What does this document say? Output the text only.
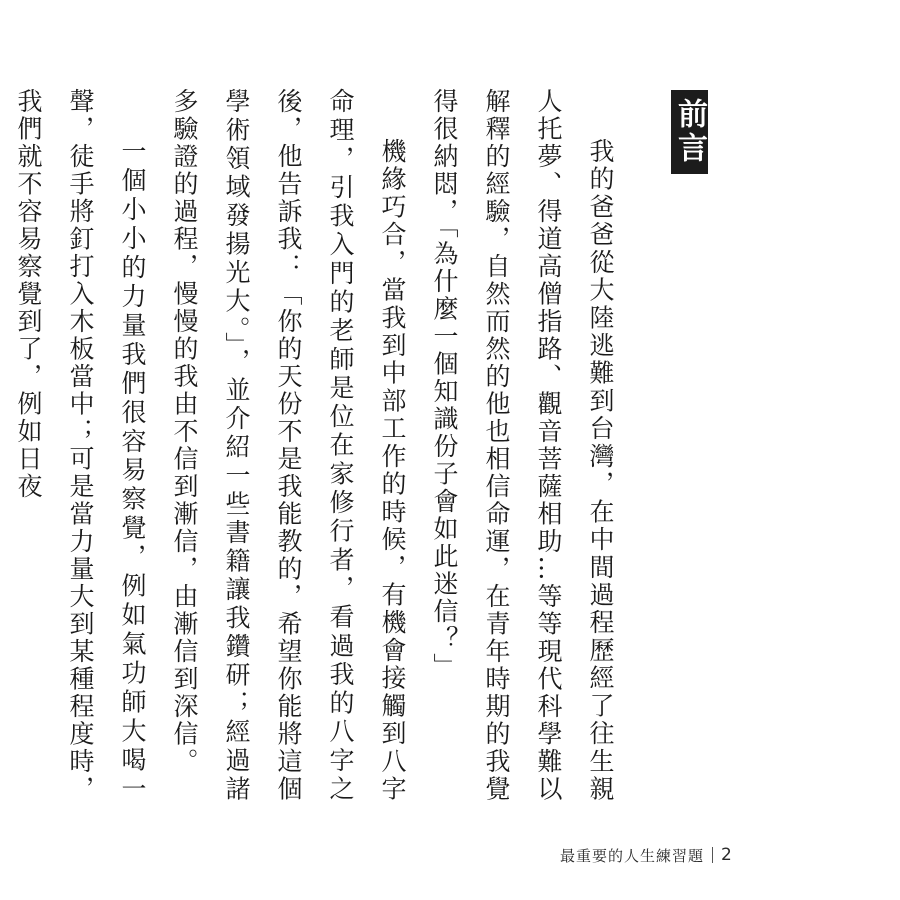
前言

我的爸爸從大陸逃難到台灣，在中間過程歷經了往生親人托夢、得道高僧指路、觀音菩薩相助…等等現代科學難以解釋的經驗，自然而然的他也相信命運，在青年時期的我覺得很納悶，「為什麼一個知識份子會如此迷信？」

機緣巧合，當我到中部工作的時候，有機會接觸到八字命理，引我入門的老師是位在家修行者，看過我的八字之後，他告訴我：「你的天份不是我能教的，希望你能將這個學術領域發揚光大。」，並介紹一些書籍讓我鑽研；經過諸多驗證的過程，慢慢的我由不信到漸信，由漸信到深信。

一個小小的力量我們很容易察覺，例如氣功師大喝一聲，徒手將釘打入木板當中；可是當力量大到某種程度時，我們就不容易察覺到了，例如日夜

最重要的人生練習題 2
